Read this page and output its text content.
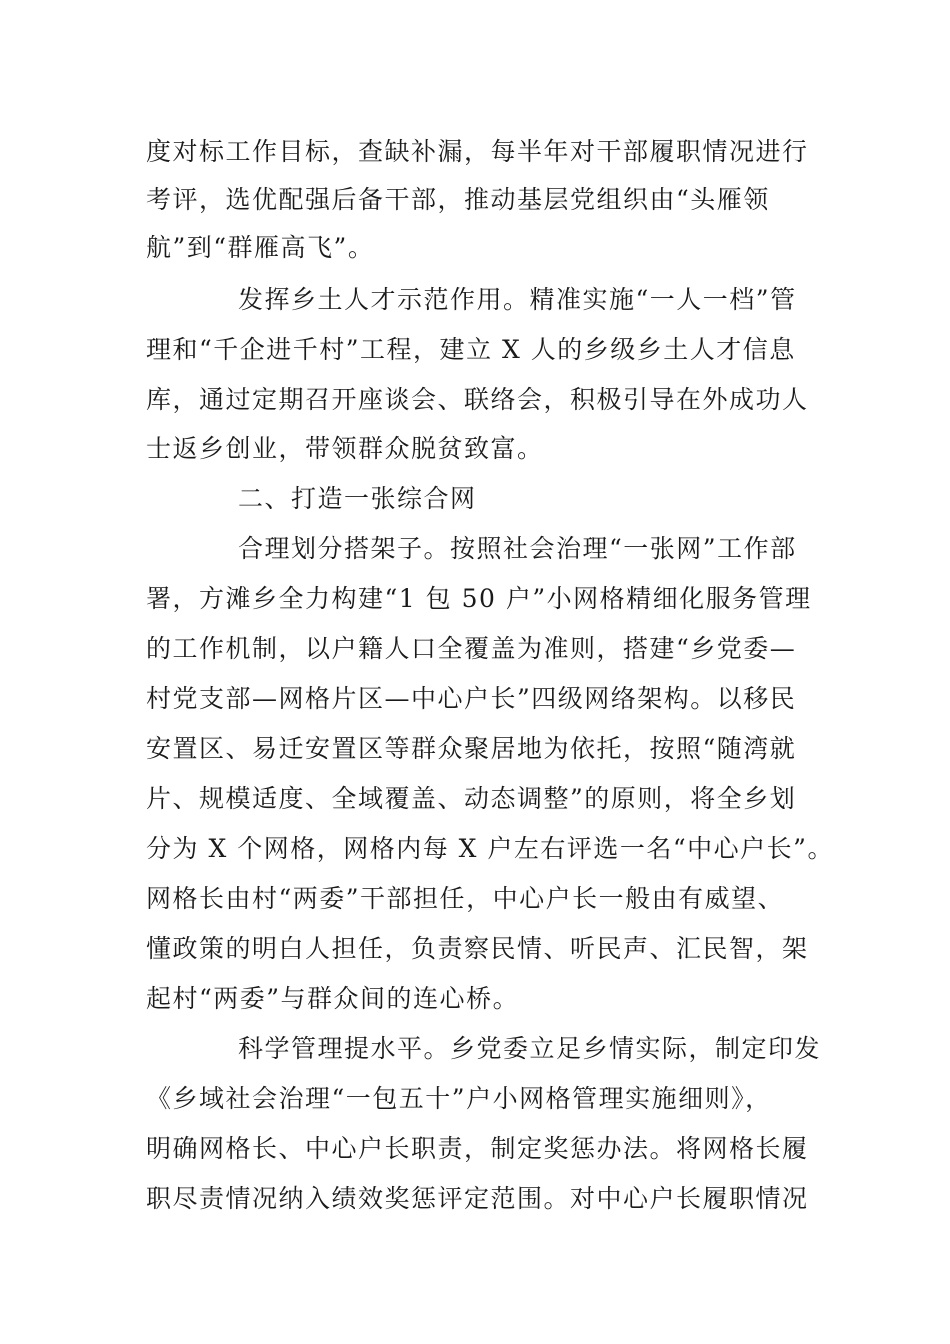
度对标工作目标，查缺补漏，每半年对干部履职情况进行

考评，选优配强后备干部，推动基层党组织由“头雁领

航”到“群雁高飞”。

发挥乡土人才示范作用。精准实施“一人一档”管

理和“千企进千村”工程，建立 X 人的乡级乡土人才信息

库，通过定期召开座谈会、联络会，积极引导在外成功人

士返乡创业，带领群众脱贫致富。

二、打造一张综合网

合理划分搭架子。按照社会治理“一张网”工作部

署，方滩乡全力构建“1 包 50 户”小网格精细化服务管理

的工作机制，以户籍人口全覆盖为准则，搭建“乡党委—

村党支部—网格片区—中心户长”四级网络架构。以移民

安置区、易迁安置区等群众聚居地为依托，按照“随湾就

片、规模适度、全域覆盖、动态调整”的原则，将全乡划

分为 X 个网格，网格内每 X 户左右评选一名“中心户长”。

网格长由村“两委”干部担任，中心户长一般由有威望、

懂政策的明白人担任，负责察民情、听民声、汇民智，架

起村“两委”与群众间的连心桥。

科学管理提水平。乡党委立足乡情实际，制定印发

《乡域社会治理“一包五十”户小网格管理实施细则》，

明确网格长、中心户长职责，制定奖惩办法。将网格长履

职尽责情况纳入绩效奖惩评定范围。对中心户长履职情况
